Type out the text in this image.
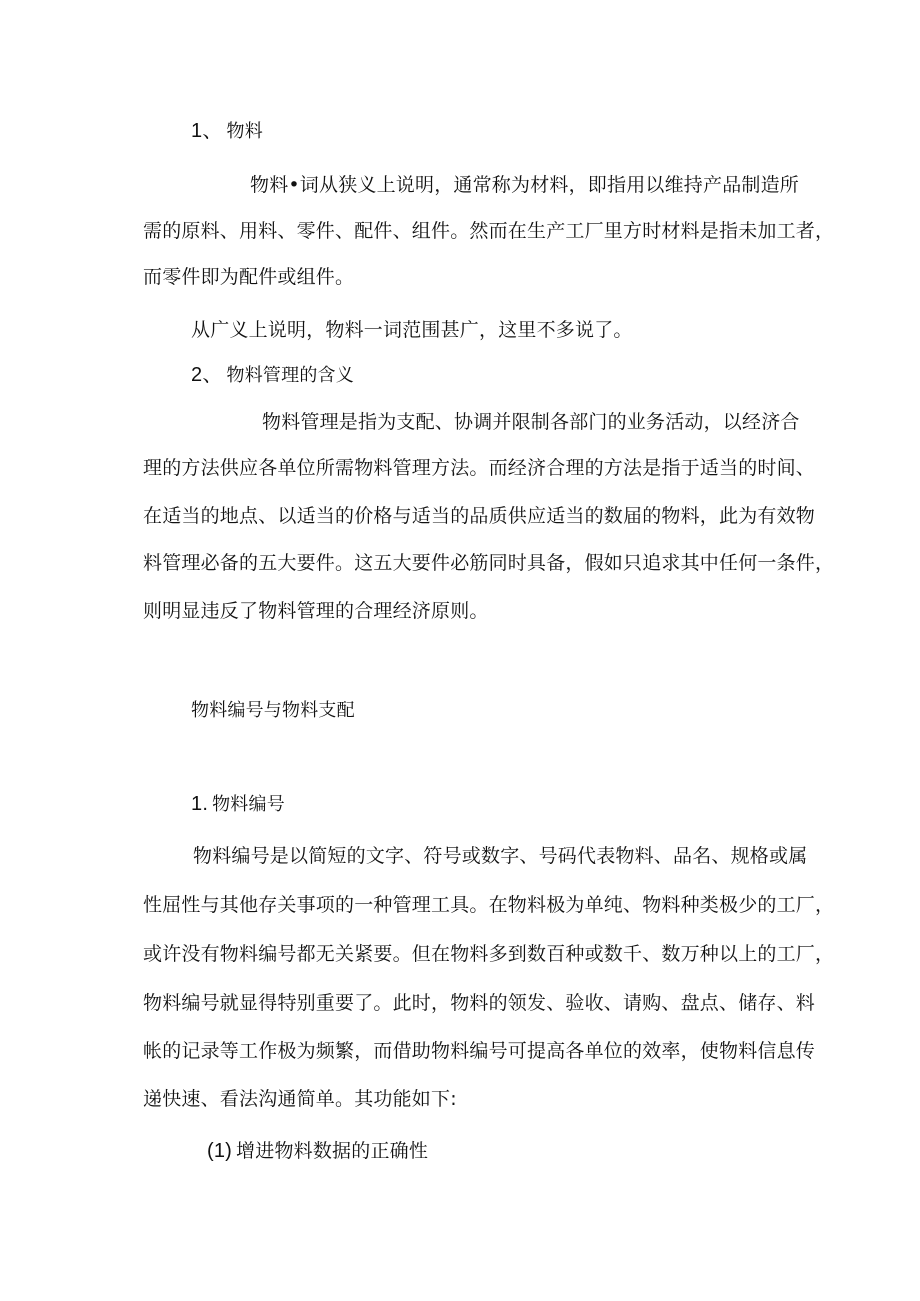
1、 物料

物料•词从狭义上说明，通常称为材料，即指用以维持产品制造所

需的原料、用料、零件、配件、组件。然而在生产工厂里方时材料是指未加工者，

而零件即为配件或组件。

从广义上说明，物料一词范围甚广，这里不多说了。

2、 物料管理的含义

物料管理是指为支配、协调并限制各部门的业务活动，以经济合

理的方法供应各单位所需物料管理方法。而经济合理的方法是指于适当的时间、

在适当的地点、以适当的价格与适当的品质供应适当的数届的物料，此为有效物

料管理必备的五大要件。这五大要件必筋同时具备，假如只追求其中任何一条件，

则明显违反了物料管理的合理经济原则。

物料编号与物料支配

1. 物料编号

物料编号是以简短的文字、符号或数字、号码代表物料、品名、规格或属

性屈性与其他存关事项的一种管理工具。在物料极为单纯、物料种类极少的工厂，

或许没有物料编号都无关紧要。但在物料多到数百种或数千、数万种以上的工厂，

物料编号就显得特别重要了。此时，物料的领发、验收、请购、盘点、储存、料

帐的记录等工作极为频繁，而借助物料编号可提高各单位的效率，使物料信息传

递快速、看法沟通简单。其功能如下:

(1) 增进物料数据的正确性
